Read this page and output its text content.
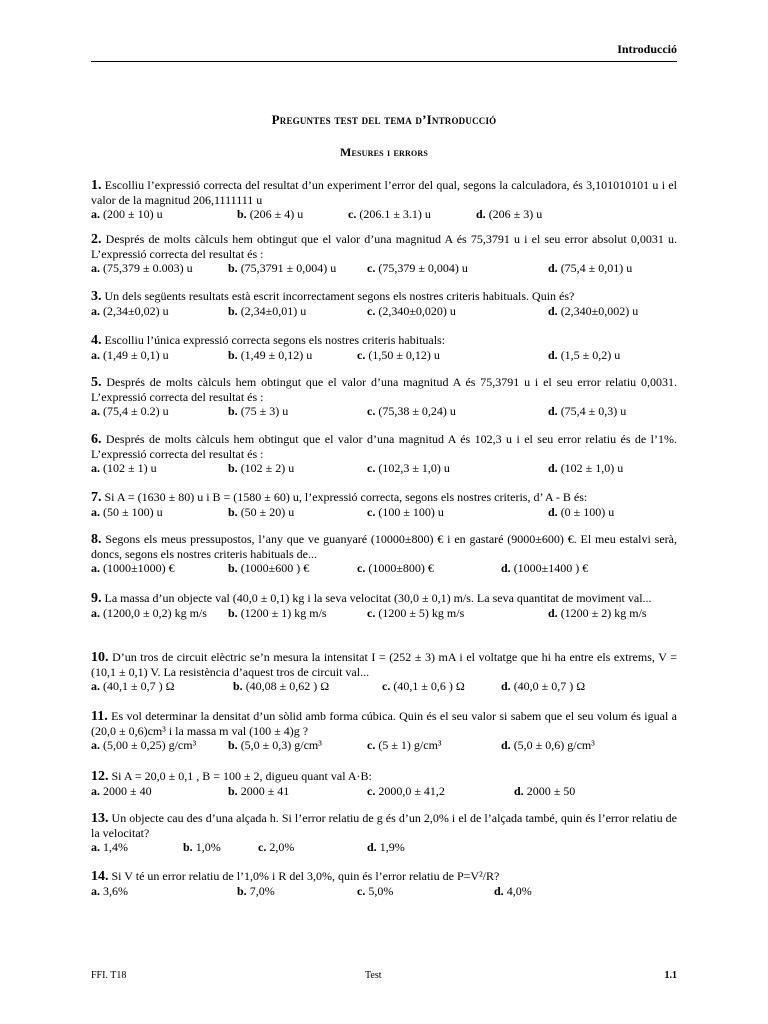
Introducció
Preguntes test del tema d’Introducció
Mesures i errors
1. Escolliu l’expressió correcta del resultat d’un experiment l’error del qual, segons la calculadora, és 3,101010101 u i el valor de la magnitud 206,1111111 u
a. (200 ± 10) u	b. (206 ± 4) u	c. (206.1 ± 3.1) u	d. (206 ± 3) u
2. Després de molts càlculs hem obtingut que el valor d’una magnitud A és 75,3791 u i el seu error absolut 0,0031 u. L’expressió correcta del resultat és :
a. (75,379 ± 0.003) u	b. (75,3791 ± 0,004) u	c. (75,379 ± 0,004) u	d. (75,4 ± 0,01) u
3. Un dels següents resultats està escrit incorrectament segons els nostres criteris habituals. Quin és?
a. (2,34±0,02) u	b. (2,34±0,01) u	c. (2,340±0,020) u	d. (2,340±0,002) u
4. Escolliu l’única expressió correcta segons els nostres criteris habituals:
a. (1,49 ± 0,1) u	b. (1,49 ± 0,12) u	c. (1,50 ± 0,12) u	d. (1,5 ± 0,2) u
5. Després de molts càlculs hem obtingut que el valor d’una magnitud A és 75,3791 u i el seu error relatiu 0,0031. L’expressió correcta del resultat és :
a. (75,4 ± 0.2) u	b. (75 ± 3) u	c. (75,38 ± 0,24) u	d. (75,4 ± 0,3) u
6. Després de molts càlculs hem obtingut que el valor d’una magnitud A és 102,3 u i el seu error relatiu és de l’1%. L’expressió correcta del resultat és :
a. (102 ± 1) u	b. (102 ± 2) u	c. (102,3 ± 1,0) u	d. (102 ± 1,0) u
7. Si A = (1630 ± 80) u i B = (1580 ± 60) u, l’expressió correcta, segons els nostres criteris, d’ A - B és:
a. (50 ± 100) u	b. (50 ± 20) u	c. (100 ± 100) u	d. (0 ± 100) u
8. Segons els meus pressupostos, l’any que ve guanyaré (10000±800) € i en gastaré (9000±600) €. El meu estalvi serà, doncs, segons els nostres criteris habituals de...
a. (1000±1000) €	b. (1000±600 ) €	c. (1000±800) €	d. (1000±1400 ) €
9. La massa d’un objecte val (40,0 ± 0,1) kg i la seva velocitat (30,0 ± 0,1) m/s. La seva quantitat de moviment val...
a. (1200,0 ± 0,2) kg m/s b. (1200 ± 1) kg m/s	c. (1200 ± 5) kg m/s	d. (1200 ± 2) kg m/s
10. D’un tros de circuit elèctric se’n mesura la intensitat I = (252 ± 3) mA i el voltatge que hi ha entre els extrems, V = (10,1 ± 0,1) V. La resistència d’aquest tros de circuit val...
a. (40,1 ± 0,7 ) Ω	b. (40,08 ± 0,62 ) Ω	c. (40,1 ± 0,6 ) Ω	d. (40,0 ± 0,7 ) Ω
11. Es vol determinar la densitat d’un sòlid amb forma cúbica. Quin és el seu valor si sabem que el seu volum és igual a (20,0 ± 0,6)cm³ i la massa m val (100 ± 4)g ?
a. (5,00 ± 0,25) g/cm³	b. (5,0 ± 0,3) g/cm³	c. (5 ± 1) g/cm³	d. (5,0 ± 0,6) g/cm³
12. Si A = 20,0 ± 0,1 , B = 100 ± 2, digueu quant val A·B:
a. 2000 ± 40	b. 2000 ± 41	c. 2000,0 ± 41,2	d. 2000 ± 50
13. Un objecte cau des d’una alçada h. Si l’error relatiu de g és d’un 2,0% i el de l’alçada també, quin és l’error relatiu de la velocitat?
a. 1,4%	b. 1,0%	c. 2,0%	d. 1,9%
14. Si V té un error relatiu de l’1,0% i R del 3,0%, quin és l’error relatiu de P=V²/R?
a. 3,6%	b. 7,0%	c. 5,0%	d. 4,0%
FFI. T18	Test	1.1
